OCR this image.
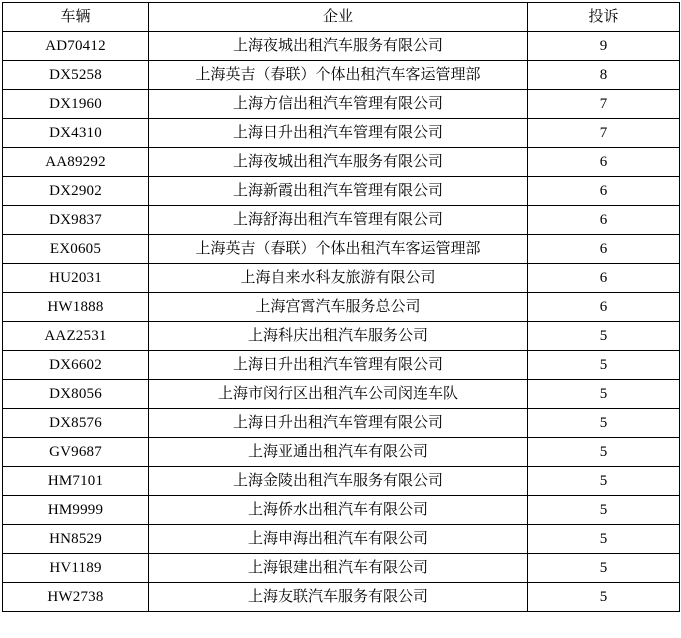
车辆	企业	投诉
AD70412	上海夜城出租汽车服务有限公司	9
DX5258	上海英吉（春联）个体出租汽车客运管理部	8
DX1960	上海方信出租汽车管理有限公司	7
DX4310	上海日升出租汽车管理有限公司	7
AA89292	上海夜城出租汽车服务有限公司	6
DX2902	上海新霞出租汽车管理有限公司	6
DX9837	上海舒海出租汽车管理有限公司	6
EX0605	上海英吉（春联）个体出租汽车客运管理部	6
HU2031	上海自来水科友旅游有限公司	6
HW1888	上海宫霄汽车服务总公司	6
AAZ2531	上海科庆出租汽车服务公司	5
DX6602	上海日升出租汽车管理有限公司	5
DX8056	上海市闵行区出租汽车公司闵连车队	5
DX8576	上海日升出租汽车管理有限公司	5
GV9687	上海亚通出租汽车有限公司	5
HM7101	上海金陵出租汽车服务有限公司	5
HM9999	上海侨水出租汽车有限公司	5
HN8529	上海申海出租汽车有限公司	5
HV1189	上海银建出租汽车有限公司	5
HW2738	上海友联汽车服务有限公司	5
